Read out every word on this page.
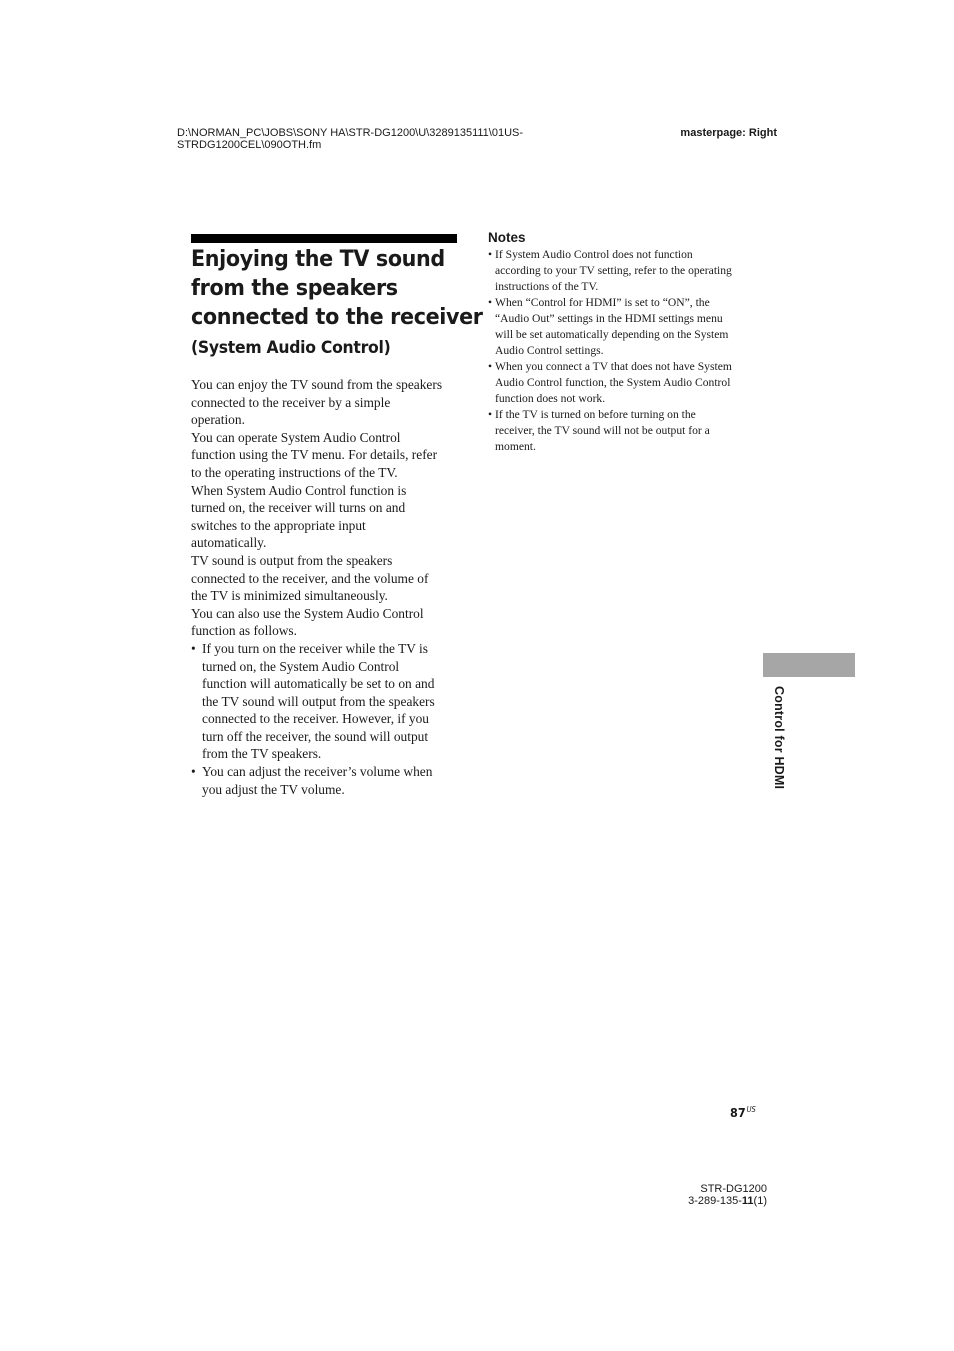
D:\NORMAN_PC\JOBS\SONY HA\STR-DG1200\U\3289135111\01US-
STRDG1200CEL\090OTH.fm
masterpage: Right
Enjoying the TV sound
from the speakers
connected to the receiver
(System Audio Control)
You can enjoy the TV sound from the speakers
connected to the receiver by a simple
operation.
You can operate System Audio Control
function using the TV menu. For details, refer
to the operating instructions of the TV.
When System Audio Control function is
turned on, the receiver will turns on and
switches to the appropriate input
automatically.
TV sound is output from the speakers
connected to the receiver, and the volume of
the TV is minimized simultaneously.
You can also use the System Audio Control
function as follows.
• If you turn on the receiver while the TV is
turned on, the System Audio Control
function will automatically be set to on and
the TV sound will output from the speakers
connected to the receiver. However, if you
turn off the receiver, the sound will output
from the TV speakers.
• You can adjust the receiver’s volume when
you adjust the TV volume.
Notes
• If System Audio Control does not function
according to your TV setting, refer to the operating
instructions of the TV.
• When “Control for HDMI” is set to “ON”, the
“Audio Out” settings in the HDMI settings menu
will be set automatically depending on the System
Audio Control settings.
• When you connect a TV that does not have System
Audio Control function, the System Audio Control
function does not work.
• If the TV is turned on before turning on the
receiver, the TV sound will not be output for a
moment.
Control for HDMI
$87^{US}$
STR-DG1200
3-289-135-11(1)
